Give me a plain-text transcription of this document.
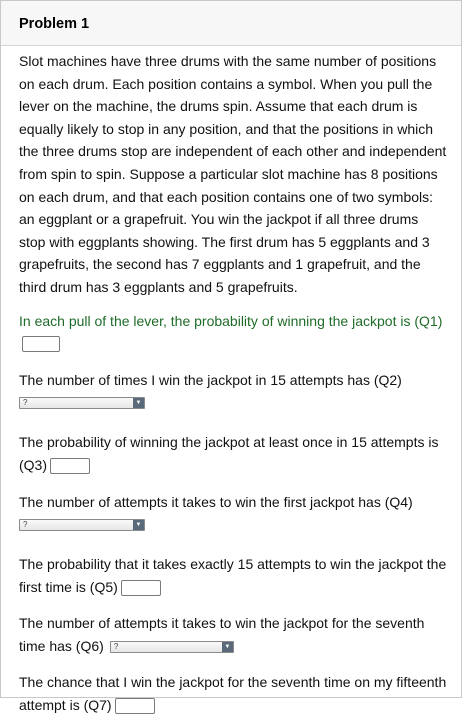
Problem 1

Slot machines have three drums with the same number of positions on each drum. Each position contains a symbol. When you pull the lever on the machine, the drums spin. Assume that each drum is equally likely to stop in any position, and that the positions in which the three drums stop are independent of each other and independent from spin to spin. Suppose a particular slot machine has 8 positions on each drum, and that each position contains one of two symbols: an eggplant or a grapefruit. You win the jackpot if all three drums stop with eggplants showing. The first drum has 5 eggplants and 3 grapefruits, the second has 7 eggplants and 1 grapefruit, and the third drum has 3 eggplants and 5 grapefruits.

In each pull of the lever, the probability of winning the jackpot is (Q1)

The number of times I win the jackpot in 15 attempts has (Q2)

?	▼

The probability of winning the jackpot at least once in 15 attempts is (Q3)

The number of attempts it takes to win the first jackpot has (Q4)

?	▼

The probability that it takes exactly 15 attempts to win the jackpot the first time is (Q5)

The number of attempts it takes to win the jackpot for the seventh time has (Q6) ?	▼

The chance that I win the jackpot for the seventh time on my fifteenth attempt is (Q7)
